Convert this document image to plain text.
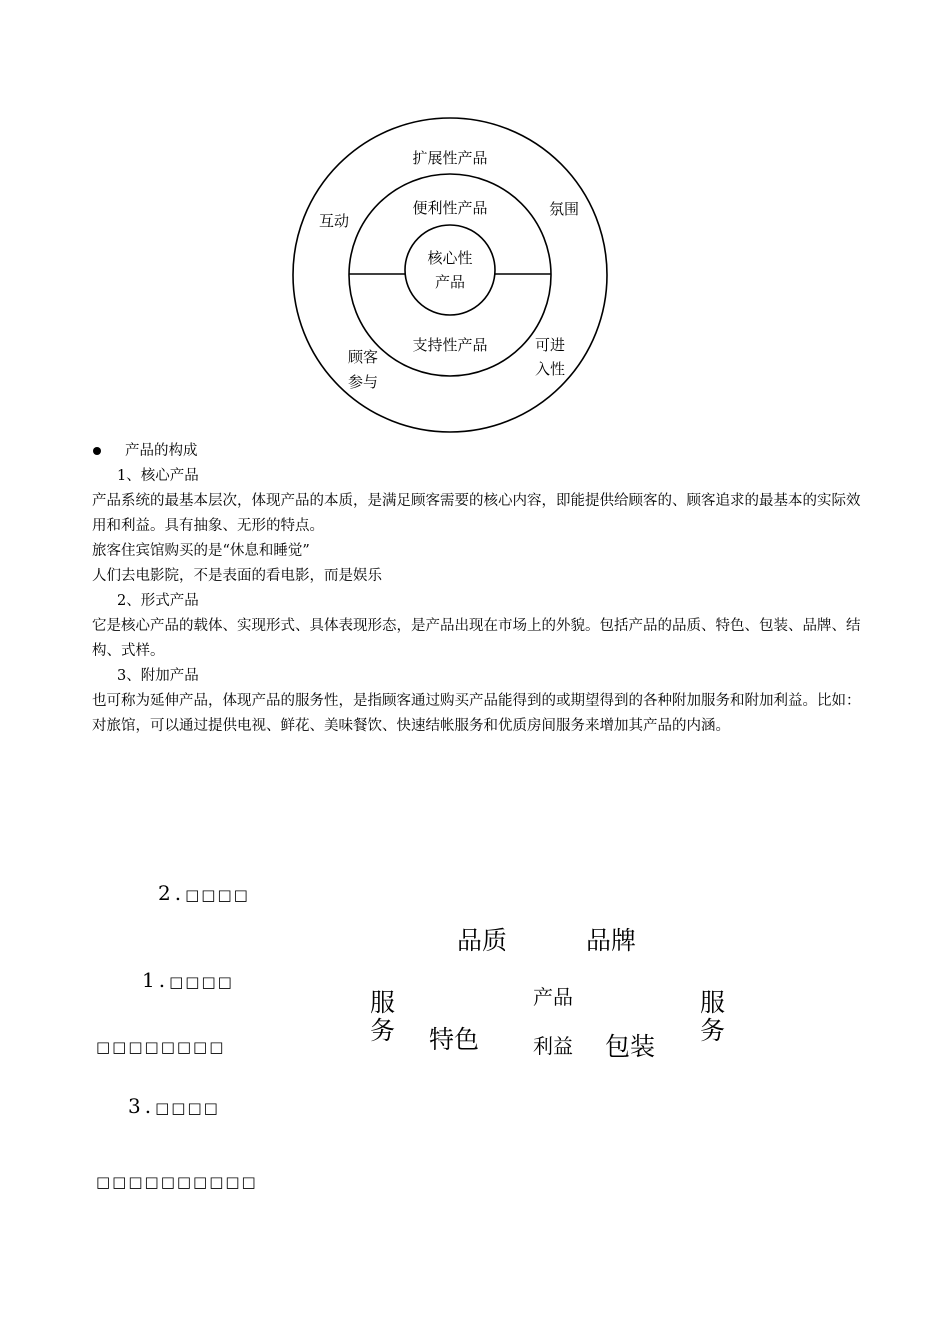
扩展性产品
便利性产品
核心性
产品
支持性产品
互动
氛围
顾客
参与
可进
入性
产品的构成
1、核心产品
产品系统的最基本层次，体现产品的本质，是满足顾客需要的核心内容，即能提供给顾客的、顾客追求的最基本的实际效用和利益。具有抽象、无形的特点。
旅客住宾馆购买的是“休息和睡觉”
人们去电影院，不是表面的看电影，而是娱乐
2、形式产品
它是核心产品的载体、实现形式、具体表现形态，是产品出现在市场上的外貌。包括产品的品质、特色、包装、品牌、结构、式样。
3、附加产品
也可称为延伸产品，体现产品的服务性，是指顾客通过购买产品能得到的或期望得到的各种附加服务和附加利益。比如：对旅馆，可以通过提供电视、鲜花、美味餐饮、快速结帐服务和优质房间服务来增加其产品的内涵。
2.□□□□
1.□□□□
□□□□□□□□
3.□□□□
□□□□□□□□□□
品质	品牌
服
务 特色
产品
利益 包装
服
务
